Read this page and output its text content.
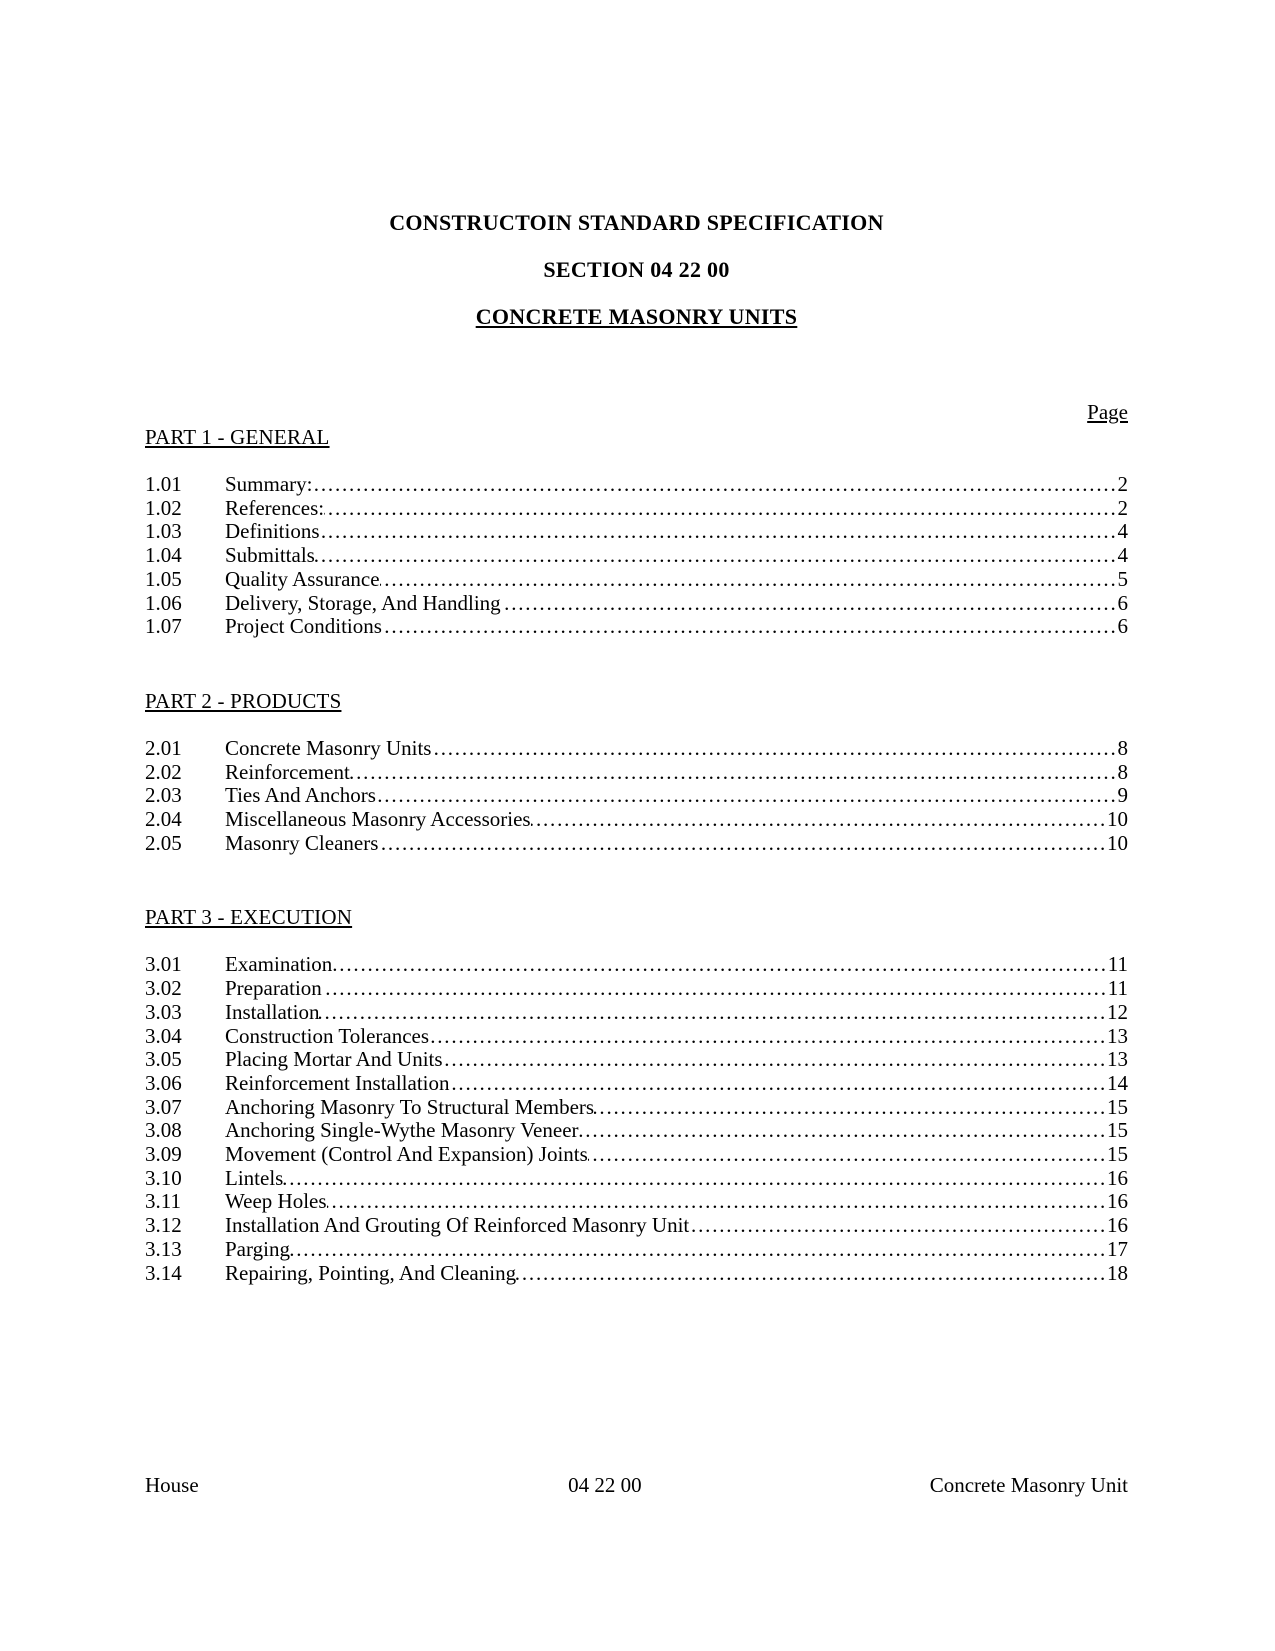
CONSTRUCTOIN STANDARD SPECIFICATION
SECTION 04 22 00
CONCRETE MASONRY UNITS
Page
PART 1 - GENERAL
1.01	Summary: .....	2
1.02	References: .....	2
1.03	Definitions .....	4
1.04	Submittals .....	4
1.05	Quality Assurance .....	5
1.06	Delivery, Storage, And Handling .....	6
1.07	Project Conditions .....	6
PART 2 - PRODUCTS
2.01	Concrete Masonry Units .....	8
2.02	Reinforcement .....	8
2.03	Ties And Anchors .....	9
2.04	Miscellaneous Masonry Accessories .....	10
2.05	Masonry Cleaners .....	10
PART 3 - EXECUTION
3.01	Examination .....	11
3.02	Preparation .....	11
3.03	Installation .....	12
3.04	Construction Tolerances .....	13
3.05	Placing Mortar And Units .....	13
3.06	Reinforcement Installation .....	14
3.07	Anchoring Masonry To Structural Members .....	15
3.08	Anchoring Single-Wythe Masonry Veneer .....	15
3.09	Movement (Control And Expansion) Joints .....	15
3.10	Lintels .....	16
3.11	Weep Holes .....	16
3.12	Installation And Grouting Of Reinforced Masonry Unit .....	16
3.13	Parging .....	17
3.14	Repairing, Pointing, And Cleaning .....	18
House	04 22 00	Concrete Masonry Unit
